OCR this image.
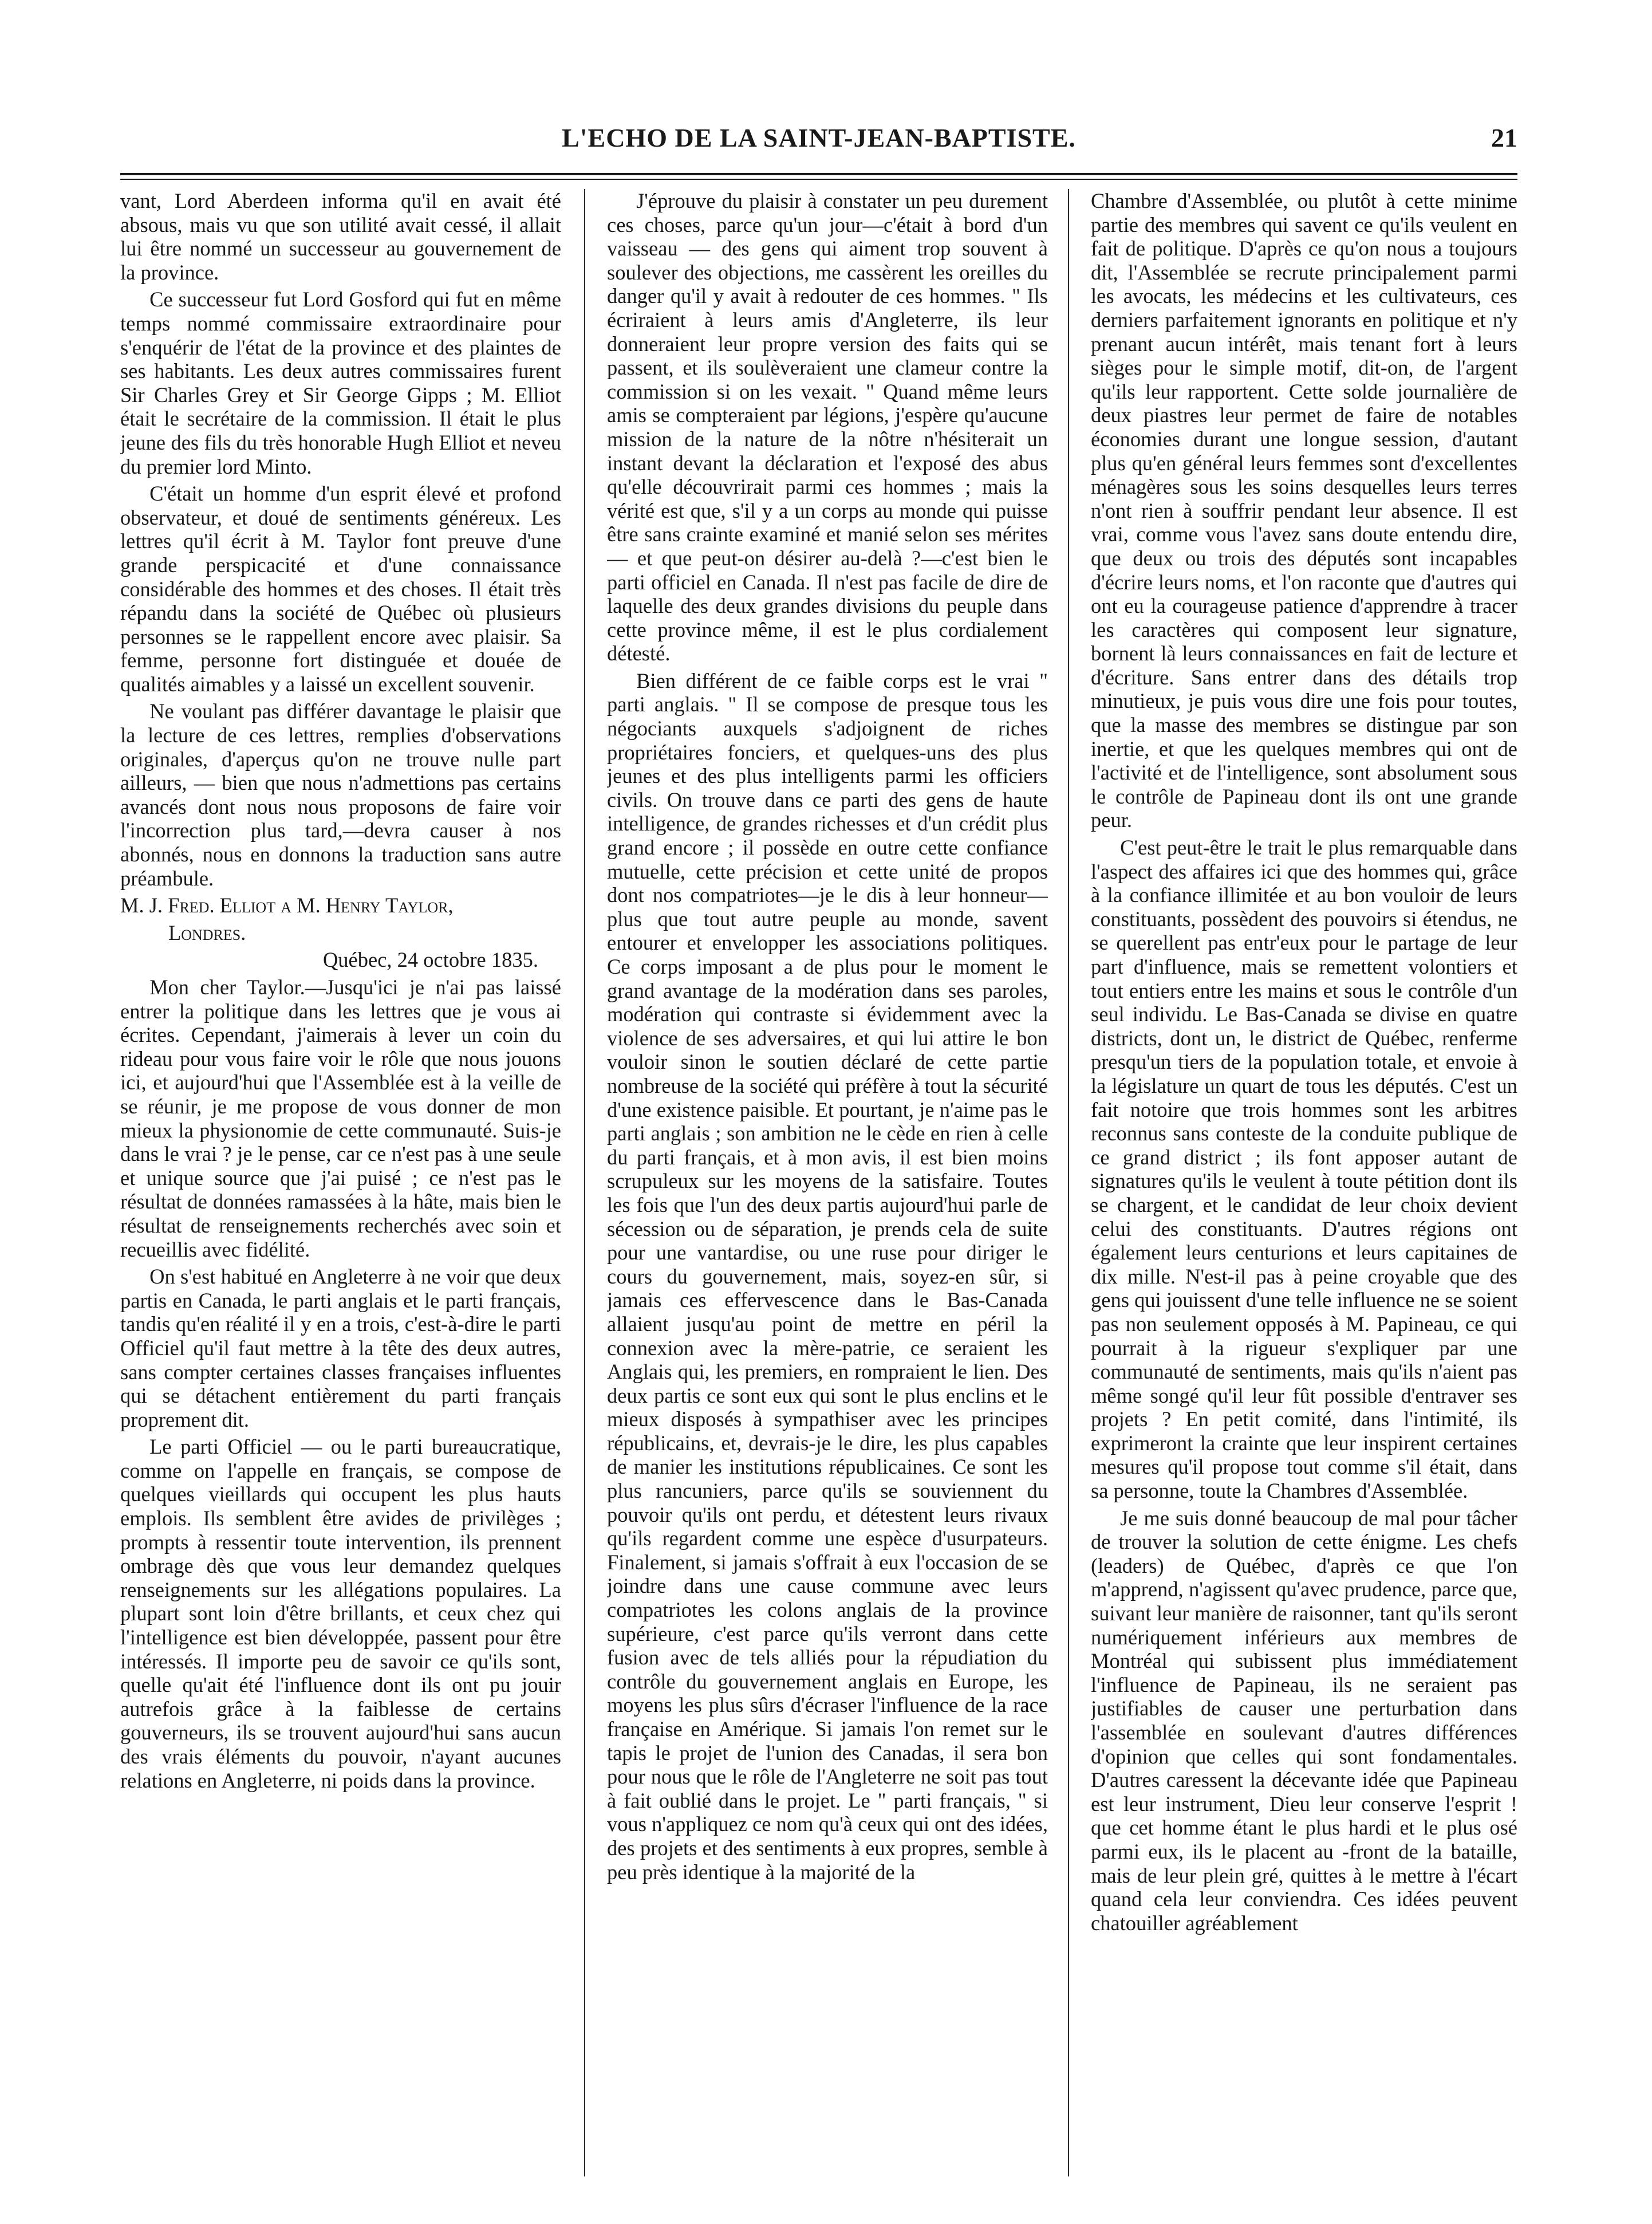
L'ECHO DE LA SAINT-JEAN-BAPTISTE.	21

vant, Lord Aberdeen informa qu'il en avait été absous, mais vu que son utilité avait cessé, il allait lui être nommé un successeur au gouvernement de la province.

Ce successeur fut Lord Gosford qui fut en même temps nommé commissaire extraordinaire pour s'enquérir de l'état de la province et des plaintes de ses habitants. Les deux autres commissaires furent Sir Charles Grey et Sir George Gipps ; M. Elliot était le secrétaire de la commission. Il était le plus jeune des fils du très honorable Hugh Elliot et neveu du premier lord Minto.

C'était un homme d'un esprit élevé et profond observateur, et doué de sentiments généreux. Les lettres qu'il écrit à M. Taylor font preuve d'une grande perspicacité et d'une connaissance considérable des hommes et des choses. Il était très répandu dans la société de Québec où plusieurs personnes se le rappellent encore avec plaisir. Sa femme, personne fort distinguée et douée de qualités aimables y a laissé un excellent souvenir.

Ne voulant pas différer davantage le plaisir que la lecture de ces lettres, remplies d'observations originales, d'aperçus qu'on ne trouve nulle part ailleurs, — bien que nous n'admettions pas certains avancés dont nous nous proposons de faire voir l'incorrection plus tard,—devra causer à nos abonnés, nous en donnons la traduction sans autre préambule.

M. J. Fred. Elliot a M. Henry Taylor,

Londres.

Québec, 24 octobre 1835.

Mon cher Taylor.—Jusqu'ici je n'ai pas laissé entrer la politique dans les lettres que je vous ai écrites. Cependant, j'aimerais à lever un coin du rideau pour vous faire voir le rôle que nous jouons ici, et aujourd'hui que l'Assemblée est à la veille de se réunir, je me propose de vous donner de mon mieux la physionomie de cette communauté. Suis-je dans le vrai ? je le pense, car ce n'est pas à une seule et unique source que j'ai puisé ; ce n'est pas le résultat de données ramassées à la hâte, mais bien le résultat de renseignements recherchés avec soin et recueillis avec fidélité.

On s'est habitué en Angleterre à ne voir que deux partis en Canada, le parti anglais et le parti français, tandis qu'en réalité il y en a trois, c'est-à-dire le parti Officiel qu'il faut mettre à la tête des deux autres, sans compter certaines classes françaises influentes qui se détachent entièrement du parti français proprement dit.

Le parti Officiel — ou le parti bureaucratique, comme on l'appelle en français, se compose de quelques vieillards qui occupent les plus hauts emplois. Ils semblent être avides de privilèges ; prompts à ressentir toute intervention, ils prennent ombrage dès que vous leur demandez quelques renseignements sur les allégations populaires. La plupart sont loin d'être brillants, et ceux chez qui l'intelligence est bien développée, passent pour être intéressés. Il importe peu de savoir ce qu'ils sont, quelle qu'ait été l'influence dont ils ont pu jouir autrefois grâce à la faiblesse de certains gouverneurs, ils se trouvent aujourd'hui sans aucun des vrais éléments du pouvoir, n'ayant aucunes relations en Angleterre, ni poids dans la province.

J'éprouve du plaisir à constater un peu durement ces choses, parce qu'un jour—c'était à bord d'un vaisseau — des gens qui aiment trop souvent à soulever des objections, me cassèrent les oreilles du danger qu'il y avait à redouter de ces hommes. " Ils écriraient à leurs amis d'Angleterre, ils leur donneraient leur propre version des faits qui se passent, et ils soulèveraient une clameur contre la commission si on les vexait. " Quand même leurs amis se compteraient par légions, j'espère qu'aucune mission de la nature de la nôtre n'hésiterait un instant devant la déclaration et l'exposé des abus qu'elle découvrirait parmi ces hommes ; mais la vérité est que, s'il y a un corps au monde qui puisse être sans crainte examiné et manié selon ses mérites — et que peut-on désirer au-delà ?—c'est bien le parti officiel en Canada. Il n'est pas facile de dire de laquelle des deux grandes divisions du peuple dans cette province même, il est le plus cordialement détesté.

Bien différent de ce faible corps est le vrai " parti anglais. " Il se compose de presque tous les négociants auxquels s'adjoignent de riches propriétaires fonciers, et quelques-uns des plus jeunes et des plus intelligents parmi les officiers civils. On trouve dans ce parti des gens de haute intelligence, de grandes richesses et d'un crédit plus grand encore ; il possède en outre cette confiance mutuelle, cette précision et cette unité de propos dont nos compatriotes—je le dis à leur honneur—plus que tout autre peuple au monde, savent entourer et envelopper les associations politiques. Ce corps imposant a de plus pour le moment le grand avantage de la modération dans ses paroles, modération qui contraste si évidemment avec la violence de ses adversaires, et qui lui attire le bon vouloir sinon le soutien déclaré de cette partie nombreuse de la société qui préfère à tout la sécurité d'une existence paisible. Et pourtant, je n'aime pas le parti anglais ; son ambition ne le cède en rien à celle du parti français, et à mon avis, il est bien moins scrupuleux sur les moyens de la satisfaire. Toutes les fois que l'un des deux partis aujourd'hui parle de sécession ou de séparation, je prends cela de suite pour une vantardise, ou une ruse pour diriger le cours du gouvernement, mais, soyez-en sûr, si jamais ces effervescence dans le Bas-Canada allaient jusqu'au point de mettre en péril la connexion avec la mère-patrie, ce seraient les Anglais qui, les premiers, en rompraient le lien. Des deux partis ce sont eux qui sont le plus enclins et le mieux disposés à sympathiser avec les principes républicains, et, devrais-je le dire, les plus capables de manier les institutions républicaines. Ce sont les plus rancuniers, parce qu'ils se souviennent du pouvoir qu'ils ont perdu, et détestent leurs rivaux qu'ils regardent comme une espèce d'usurpateurs. Finalement, si jamais s'offrait à eux l'occasion de se joindre dans une cause commune avec leurs compatriotes les colons anglais de la province supérieure, c'est parce qu'ils verront dans cette fusion avec de tels alliés pour la répudiation du contrôle du gouvernement anglais en Europe, les moyens les plus sûrs d'écraser l'influence de la race française en Amérique. Si jamais l'on remet sur le tapis le projet de l'union des Canadas, il sera bon pour nous que le rôle de l'Angleterre ne soit pas tout à fait oublié dans le projet. Le " parti français, " si vous n'appliquez ce nom qu'à ceux qui ont des idées, des projets et des sentiments à eux propres, semble à peu près identique à la majorité de la

Chambre d'Assemblée, ou plutôt à cette minime partie des membres qui savent ce qu'ils veulent en fait de politique. D'après ce qu'on nous a toujours dit, l'Assemblée se recrute principalement parmi les avocats, les médecins et les cultivateurs, ces derniers parfaitement ignorants en politique et n'y prenant aucun intérêt, mais tenant fort à leurs sièges pour le simple motif, dit-on, de l'argent qu'ils leur rapportent. Cette solde journalière de deux piastres leur permet de faire de notables économies durant une longue session, d'autant plus qu'en général leurs femmes sont d'excellentes ménagères sous les soins desquelles leurs terres n'ont rien à souffrir pendant leur absence. Il est vrai, comme vous l'avez sans doute entendu dire, que deux ou trois des députés sont incapables d'écrire leurs noms, et l'on raconte que d'autres qui ont eu la courageuse patience d'apprendre à tracer les caractères qui composent leur signature, bornent là leurs connaissances en fait de lecture et d'écriture. Sans entrer dans des détails trop minutieux, je puis vous dire une fois pour toutes, que la masse des membres se distingue par son inertie, et que les quelques membres qui ont de l'activité et de l'intelligence, sont absolument sous le contrôle de Papineau dont ils ont une grande peur.

C'est peut-être le trait le plus remarquable dans l'aspect des affaires ici que des hommes qui, grâce à la confiance illimitée et au bon vouloir de leurs constituants, possèdent des pouvoirs si étendus, ne se querellent pas entr'eux pour le partage de leur part d'influence, mais se remettent volontiers et tout entiers entre les mains et sous le contrôle d'un seul individu. Le Bas-Canada se divise en quatre districts, dont un, le district de Québec, renferme presqu'un tiers de la population totale, et envoie à la législature un quart de tous les députés. C'est un fait notoire que trois hommes sont les arbitres reconnus sans conteste de la conduite publique de ce grand district ; ils font apposer autant de signatures qu'ils le veulent à toute pétition dont ils se chargent, et le candidat de leur choix devient celui des constituants. D'autres régions ont également leurs centurions et leurs capitaines de dix mille. N'est-il pas à peine croyable que des gens qui jouissent d'une telle influence ne se soient pas non seulement opposés à M. Papineau, ce qui pourrait à la rigueur s'expliquer par une communauté de sentiments, mais qu'ils n'aient pas même songé qu'il leur fût possible d'entraver ses projets ? En petit comité, dans l'intimité, ils exprimeront la crainte que leur inspirent certaines mesures qu'il propose tout comme s'il était, dans sa personne, toute la Chambres d'Assemblée.

Je me suis donné beaucoup de mal pour tâcher de trouver la solution de cette énigme. Les chefs (leaders) de Québec, d'après ce que l'on m'apprend, n'agissent qu'avec prudence, parce que, suivant leur manière de raisonner, tant qu'ils seront numériquement inférieurs aux membres de Montréal qui subissent plus immédiatement l'influence de Papineau, ils ne seraient pas justifiables de causer une perturbation dans l'assemblée en soulevant d'autres différences d'opinion que celles qui sont fondamentales. D'autres caressent la décevante idée que Papineau est leur instrument, Dieu leur conserve l'esprit ! que cet homme étant le plus hardi et le plus osé parmi eux, ils le placent au -front de la bataille, mais de leur plein gré, quittes à le mettre à l'écart quand cela leur conviendra. Ces idées peuvent chatouiller agréablement
